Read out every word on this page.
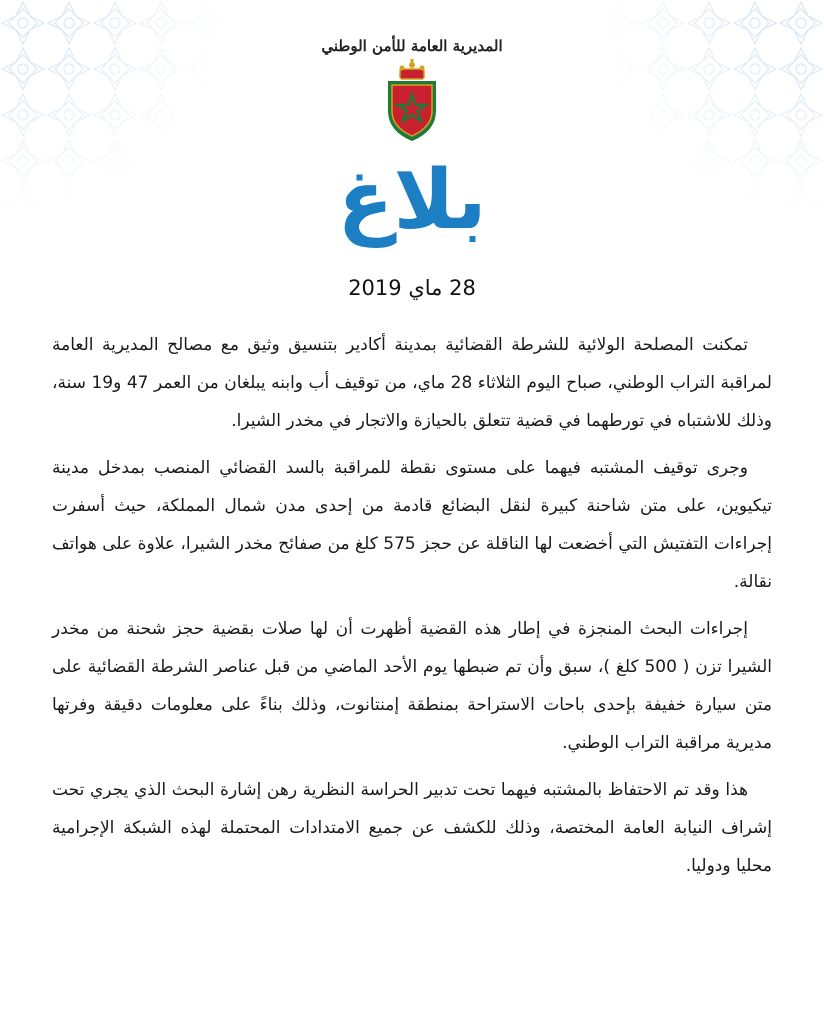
المديرية العامة للأمن الوطني
بلاغ
28 ماي 2019

تمكنت المصلحة الولائية للشرطة القضائية بمدينة أكادير بتنسيق وثيق مع مصالح المديرية العامة لمراقبة التراب الوطني، صباح اليوم الثلاثاء 28 ماي، من توقيف أب وابنه يبلغان من العمر 47 و19 سنة، وذلك للاشتباه في تورطهما في قضية تتعلق بالحيازة والاتجار في مخدر الشيرا.

وجرى توقيف المشتبه فيهما على مستوى نقطة للمراقبة بالسد القضائي المنصب بمدخل مدينة تيكيوين، على متن شاحنة كبيرة لنقل البضائع قادمة من إحدى مدن شمال المملكة، حيث أسفرت إجراءات التفتيش التي أخضعت لها الناقلة عن حجز 575 كلغ من صفائح مخدر الشيرا، علاوة على هواتف نقالة.

إجراءات البحث المنجزة في إطار هذه القضية أظهرت أن لها صلات بقضية حجز شحنة من مخدر الشيرا تزن ( 500 كلغ )، سبق وأن تم ضبطها يوم الأحد الماضي من قبل عناصر الشرطة القضائية على متن سيارة خفيفة بإحدى باحات الاستراحة بمنطقة إمنتانوت، وذلك بناءً على معلومات دقيقة وفرتها مديرية مراقبة التراب الوطني.

هذا وقد تم الاحتفاظ بالمشتبه فيهما تحت تدبير الحراسة النظرية رهن إشارة البحث الذي يجري تحت إشراف النيابة العامة المختصة، وذلك للكشف عن جميع الامتدادات المحتملة لهذه الشبكة الإجرامية محليا ودوليا.
